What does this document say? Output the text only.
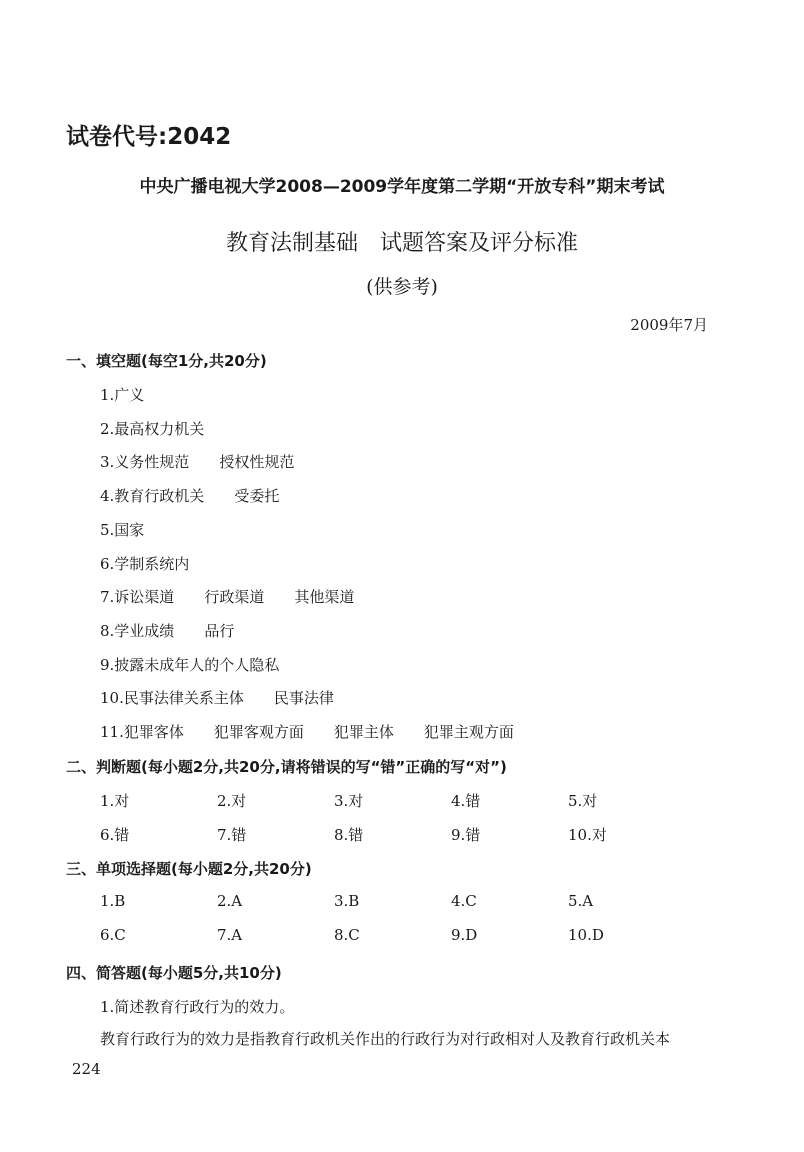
试卷代号:2042
中央广播电视大学2008—2009学年度第二学期“开放专科”期末考试
教育法制基础　试题答案及评分标准
(供参考)
2009年7月
一、填空题(每空1分,共20分)
1.广义
2.最高权力机关
3.义务性规范 授权性规范
4.教育行政机关 受委托
5.国家
6.学制系统内
7.诉讼渠道 行政渠道 其他渠道
8.学业成绩 品行
9.披露未成年人的个人隐私
10.民事法律关系主体 民事法律
11.犯罪客体 犯罪客观方面 犯罪主体 犯罪主观方面
二、判断题(每小题2分,共20分,请将错误的写“错”正确的写“对”)
1.对	2.对	3.对	4.错	5.对
6.错	7.错	8.错	9.错	10.对
三、单项选择题(每小题2分,共20分)
1.B	2.A	3.B	4.C	5.A
6.C	7.A	8.C	9.D	10.D
四、简答题(每小题5分,共10分)
1.简述教育行政行为的效力。
教育行政行为的效力是指教育行政机关作出的行政行为对行政相对人及教育行政机关本
224
